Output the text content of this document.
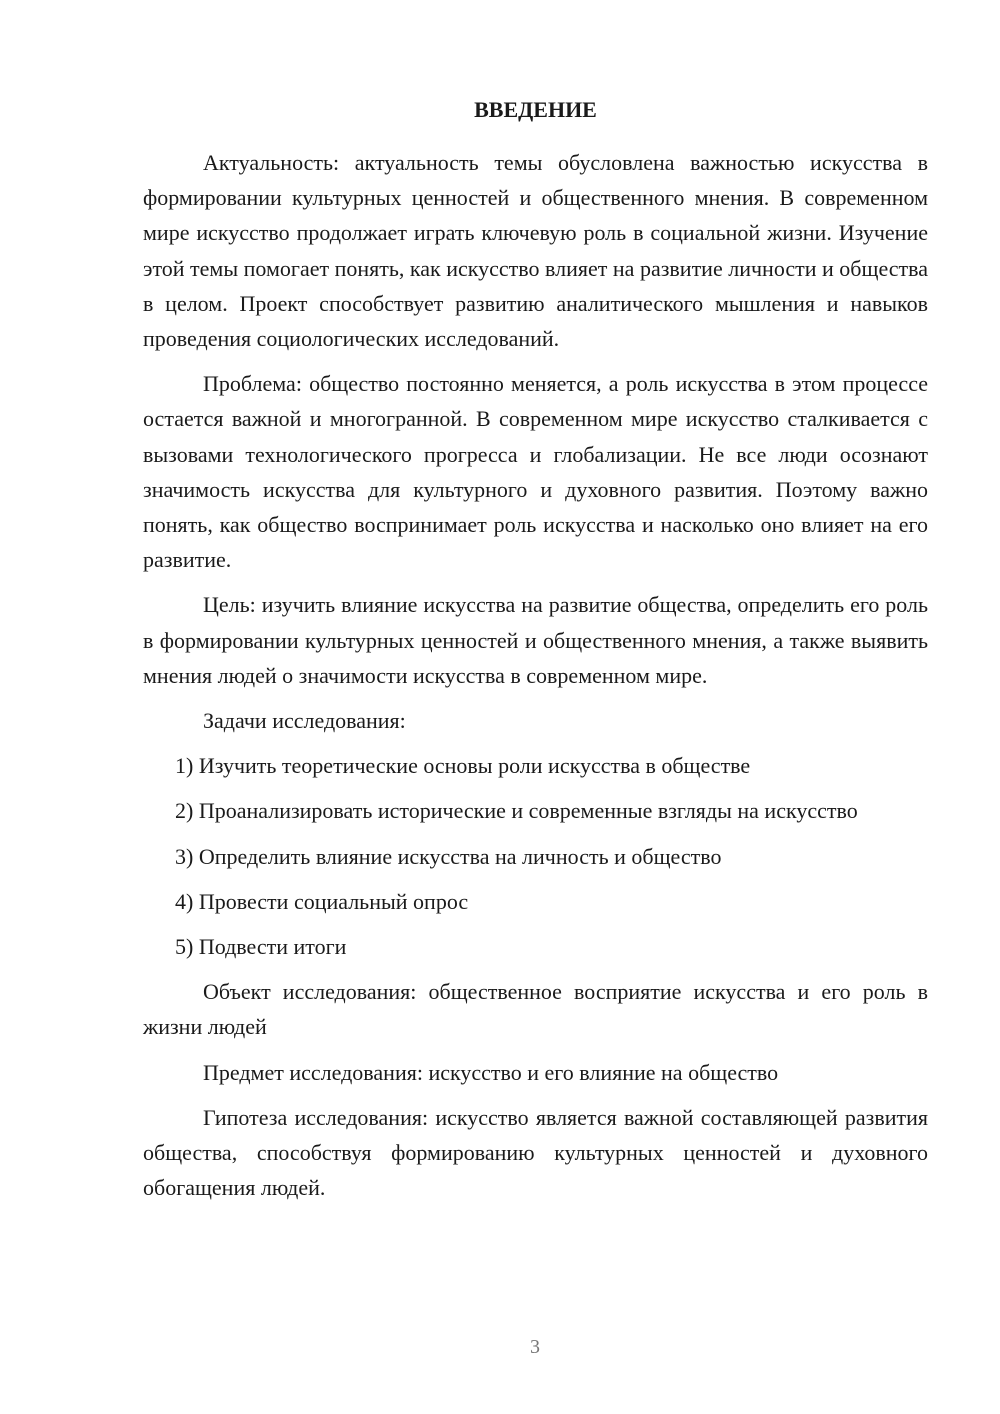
ВВЕДЕНИЕ

Актуальность: актуальность темы обусловлена важностью искусства в формировании культурных ценностей и общественного мнения. В современном мире искусство продолжает играть ключевую роль в социальной жизни. Изучение этой темы помогает понять, как искусство влияет на развитие личности и общества в целом. Проект способствует развитию аналитического мышления и навыков проведения социологических исследований.

Проблема: общество постоянно меняется, а роль искусства в этом процессе остается важной и многогранной. В современном мире искусство сталкивается с вызовами технологического прогресса и глобализации. Не все люди осознают значимость искусства для культурного и духовного развития. Поэтому важно понять, как общество воспринимает роль искусства и насколько оно влияет на его развитие.

Цель: изучить влияние искусства на развитие общества, определить его роль в формировании культурных ценностей и общественного мнения, а также выявить мнения людей о значимости искусства в современном мире.

Задачи исследования:

1) Изучить теоретические основы роли искусства в обществе

2) Проанализировать исторические и современные взгляды на искусство

3) Определить влияние искусства на личность и общество

4) Провести социальный опрос

5) Подвести итоги

Объект исследования: общественное восприятие искусства и его роль в жизни людей

Предмет исследования: искусство и его влияние на общество

Гипотеза исследования: искусство является важной составляющей развития общества, способствуя формированию культурных ценностей и духовного обогащения людей.

3
